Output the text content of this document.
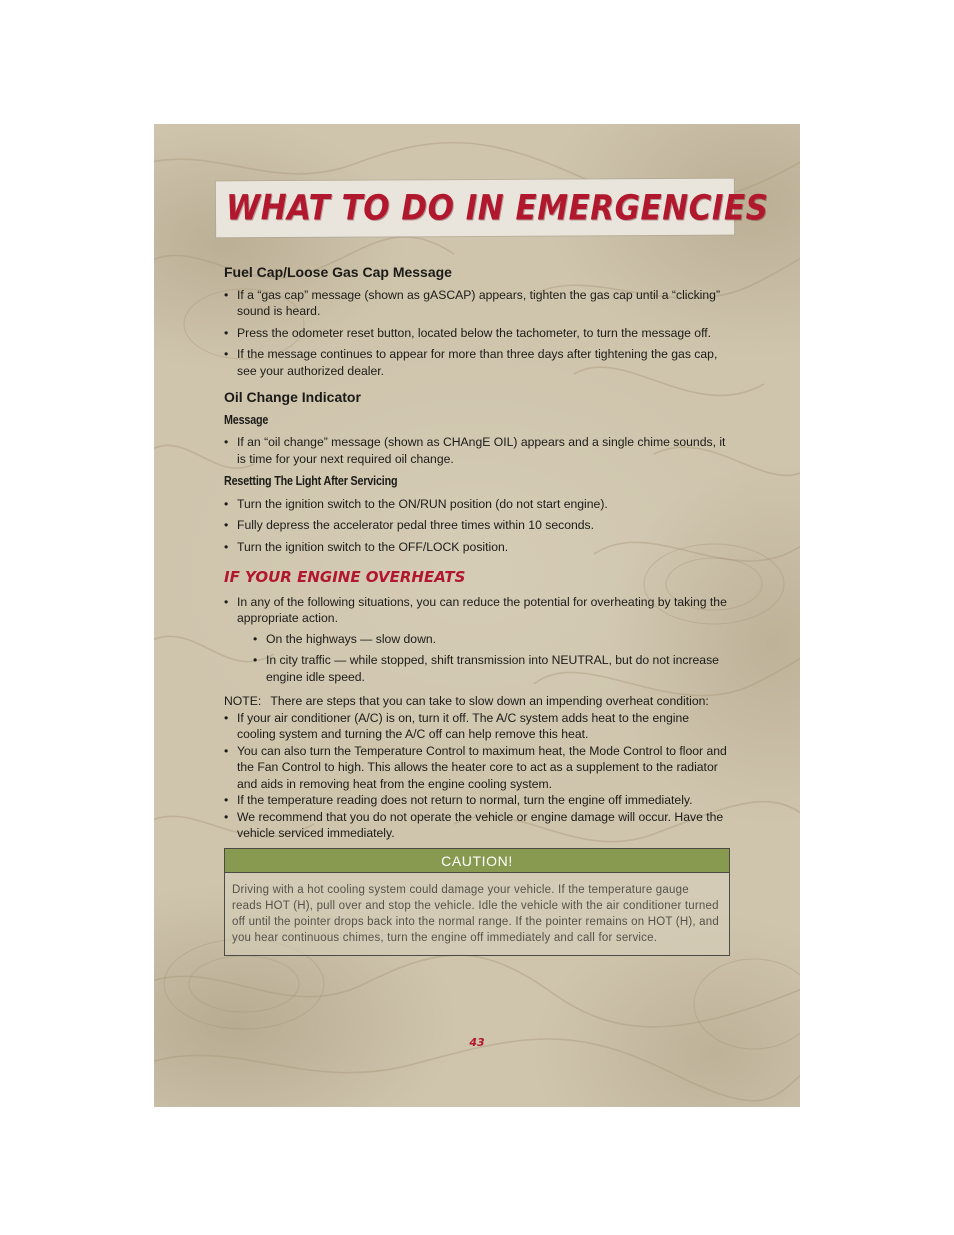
WHAT TO DO IN EMERGENCIES
Fuel Cap/Loose Gas Cap Message
• If a “gas cap” message (shown as gASCAP) appears, tighten the gas cap until a “clicking” sound is heard.
• Press the odometer reset button, located below the tachometer, to turn the message off.
• If the message continues to appear for more than three days after tightening the gas cap, see your authorized dealer.
Oil Change Indicator
Message
• If an “oil change” message (shown as CHAngE OIL) appears and a single chime sounds, it is time for your next required oil change.
Resetting The Light After Servicing
• Turn the ignition switch to the ON/RUN position (do not start engine).
• Fully depress the accelerator pedal three times within 10 seconds.
• Turn the ignition switch to the OFF/LOCK position.
IF YOUR ENGINE OVERHEATS
• In any of the following situations, you can reduce the potential for overheating by taking the appropriate action.
• On the highways — slow down.
• In city traffic — while stopped, shift transmission into NEUTRAL, but do not increase engine idle speed.

NOTE: There are steps that you can take to slow down an impending overheat condition:

• If your air conditioner (A/C) is on, turn it off. The A/C system adds heat to the engine cooling system and turning the A/C off can help remove this heat.
• You can also turn the Temperature Control to maximum heat, the Mode Control to floor and the Fan Control to high. This allows the heater core to act as a supplement to the radiator and aids in removing heat from the engine cooling system.
• If the temperature reading does not return to normal, turn the engine off immediately.
• We recommend that you do not operate the vehicle or engine damage will occur. Have the vehicle serviced immediately.
CAUTION!
Driving with a hot cooling system could damage your vehicle. If the temperature gauge reads HOT (H), pull over and stop the vehicle. Idle the vehicle with the air conditioner turned off until the pointer drops back into the normal range. If the pointer remains on HOT (H), and you hear continuous chimes, turn the engine off immediately and call for service.
43
